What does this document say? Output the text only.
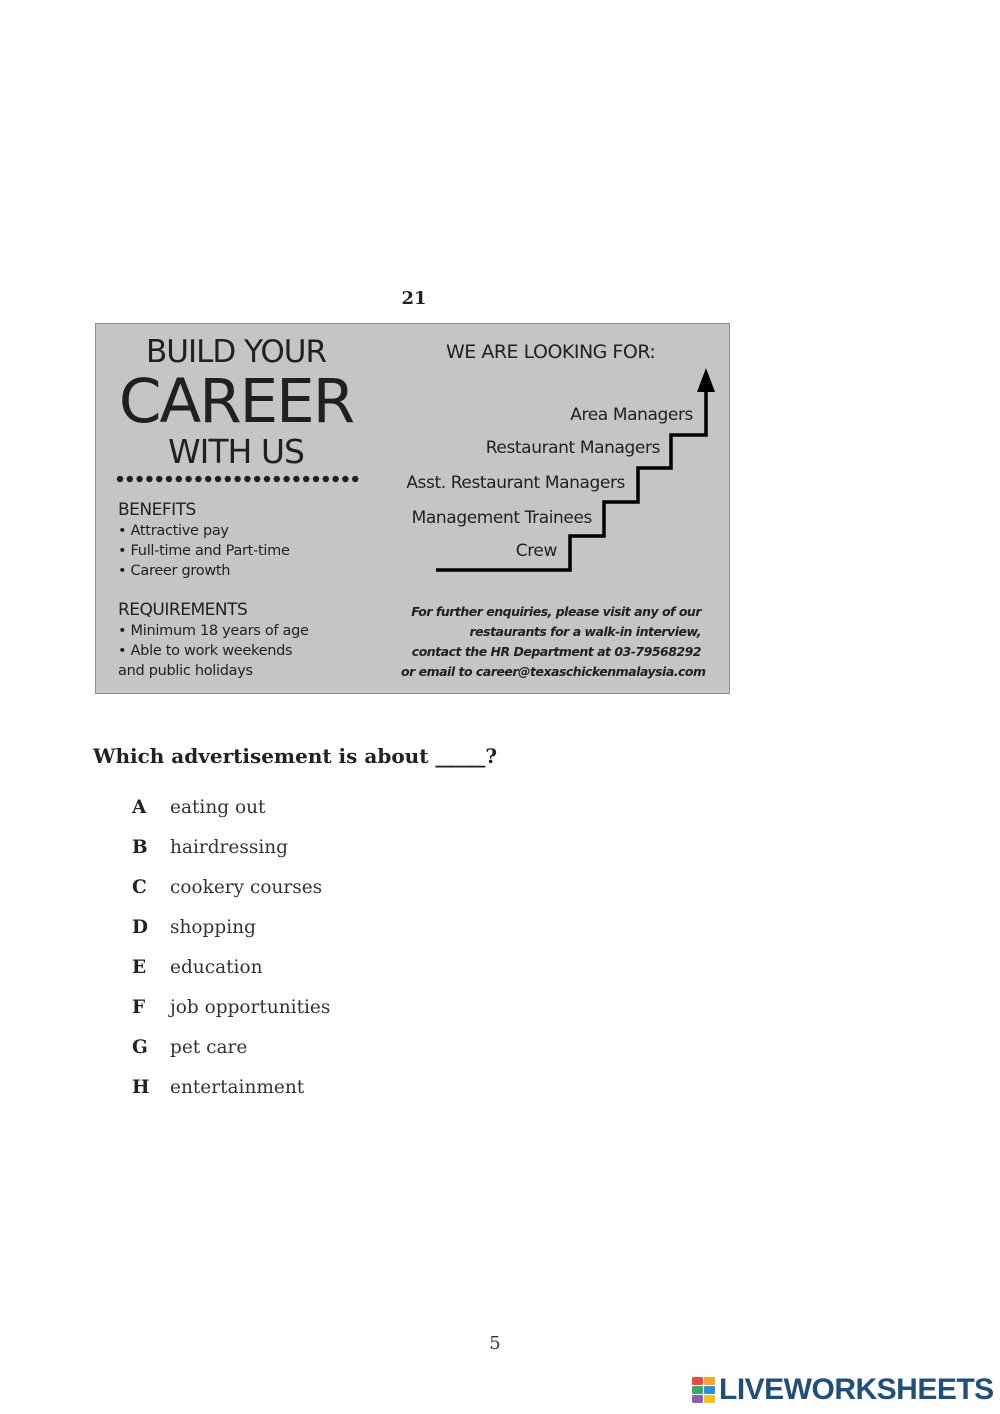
21
BUILD YOUR
CAREER
WITH US
BENEFITS
• Attractive pay
• Full-time and Part-time
• Career growth
REQUIREMENTS
• Minimum 18 years of age
• Able to work weekends
and public holidays
WE ARE LOOKING FOR:
Crew
Management Trainees
Asst. Restaurant Managers
Restaurant Managers
Area Managers
For further enquiries, please visit any of our
restaurants for a walk-in interview,
contact the HR Department at 03-79568292
or email to career@texaschickenmalaysia.com
Which advertisement is about _____?
A eating out
B hairdressing
C cookery courses
D shopping
E education
F job opportunities
G pet care
H entertainment
5
LIVEWORKSHEETS
